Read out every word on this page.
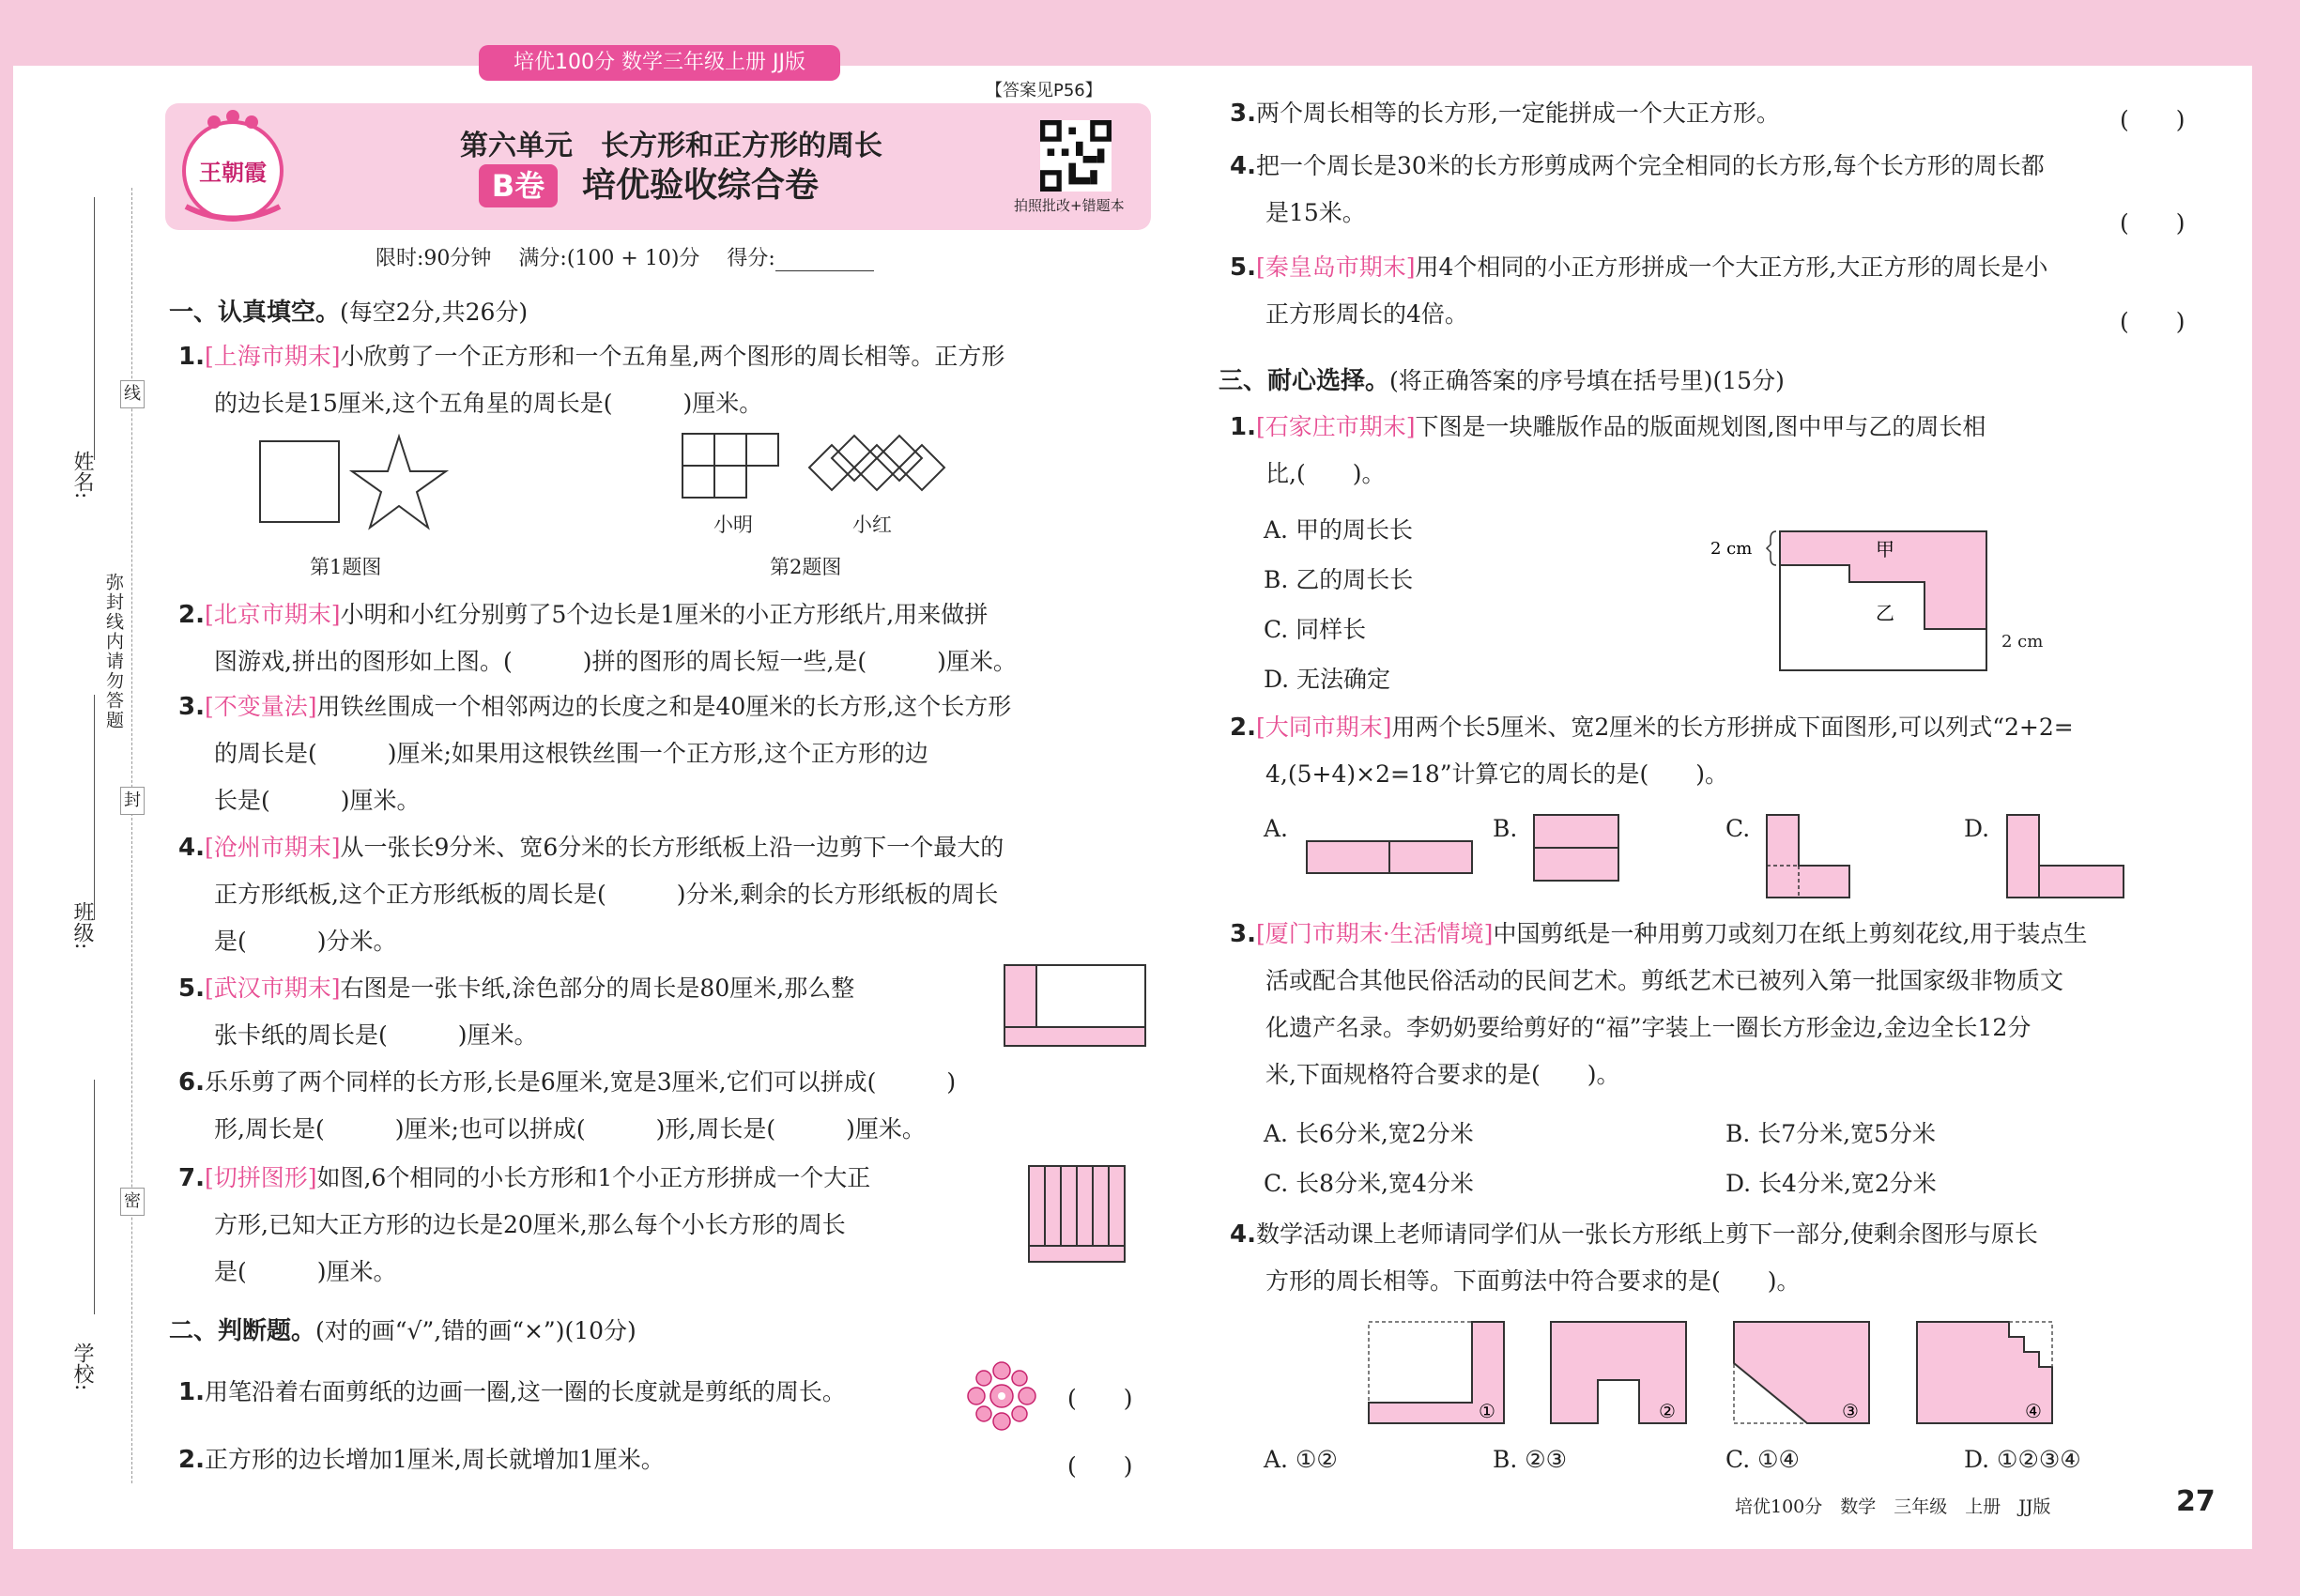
培优100分 数学三年级上册 JJ版
【答案见P56】
王朝霞
第六单元　长方形和正方形的周长
B卷	培优验收综合卷
拍照批改+错题本
限时:90分钟　 满分:(100 + 10)分　 得分:
姓名:
弥封线内请勿答题
班级:
学校:
线
封
密
一、认真填空。(每空2分,共26分)
1.[上海市期末]小欣剪了一个正方形和一个五角星,两个图形的周长相等。正方形
的边长是15厘米,这个五角星的周长是(　　　)厘米。
第1题图
小明	小红
第2题图
2.[北京市期末]小明和小红分别剪了5个边长是1厘米的小正方形纸片,用来做拼
图游戏,拼出的图形如上图。(　　　)拼的图形的周长短一些,是(　　　)厘米。
3.[不变量法]用铁丝围成一个相邻两边的长度之和是40厘米的长方形,这个长方形
的周长是(　　　)厘米;如果用这根铁丝围一个正方形,这个正方形的边
长是(　　　)厘米。
4.[沧州市期末]从一张长9分米、宽6分米的长方形纸板上沿一边剪下一个最大的
正方形纸板,这个正方形纸板的周长是(　　　)分米,剩余的长方形纸板的周长
是(　　　)分米。
5.[武汉市期末]右图是一张卡纸,涂色部分的周长是80厘米,那么整
张卡纸的周长是(　　　)厘米。
6.乐乐剪了两个同样的长方形,长是6厘米,宽是3厘米,它们可以拼成(　　　)
形,周长是(　　　)厘米;也可以拼成(　　　)形,周长是(　　　)厘米。
7.[切拼图形]如图,6个相同的小长方形和1个小正方形拼成一个大正
方形,已知大正方形的边长是20厘米,那么每个小长方形的周长
是(　　　)厘米。
二、判断题。(对的画“√”,错的画“×”)(10分)
1.用笔沿着右面剪纸的边画一圈,这一圈的长度就是剪纸的周长。	(　　)
2.正方形的边长增加1厘米,周长就增加1厘米。	(　　)
3.两个周长相等的长方形,一定能拼成一个大正方形。	(　　)
4.把一个周长是30米的长方形剪成两个完全相同的长方形,每个长方形的周长都
是15米。	(　　)
5.[秦皇岛市期末]用4个相同的小正方形拼成一个大正方形,大正方形的周长是小
正方形周长的4倍。	(　　)
三、耐心选择。(将正确答案的序号填在括号里)(15分)
1.[石家庄市期末]下图是一块雕版作品的版面规划图,图中甲与乙的周长相
比,(　　)。
A. 甲的周长长
B. 乙的周长长
C. 同样长
D. 无法确定
甲
乙
2 cm
2 cm
2.[大同市期末]用两个长5厘米、宽2厘米的长方形拼成下面图形,可以列式“2+2=
4,(5+4)×2=18”计算它的周长的是(　　)。
A.	B.	C.	D.
3.[厦门市期末·生活情境]中国剪纸是一种用剪刀或刻刀在纸上剪刻花纹,用于装点生
活或配合其他民俗活动的民间艺术。剪纸艺术已被列入第一批国家级非物质文
化遗产名录。李奶奶要给剪好的“福”字装上一圈长方形金边,金边全长12分
米,下面规格符合要求的是(　　)。
A. 长6分米,宽2分米	B. 长7分米,宽5分米
C. 长8分米,宽4分米	D. 长4分米,宽2分米
4.数学活动课上老师请同学们从一张长方形纸上剪下一部分,使剩余图形与原长
方形的周长相等。下面剪法中符合要求的是(　　)。
①	②	③	④
A. ①②	B. ②③	C. ①④	D. ①②③④
培优100分　数学　三年级　上册　JJ版	27
